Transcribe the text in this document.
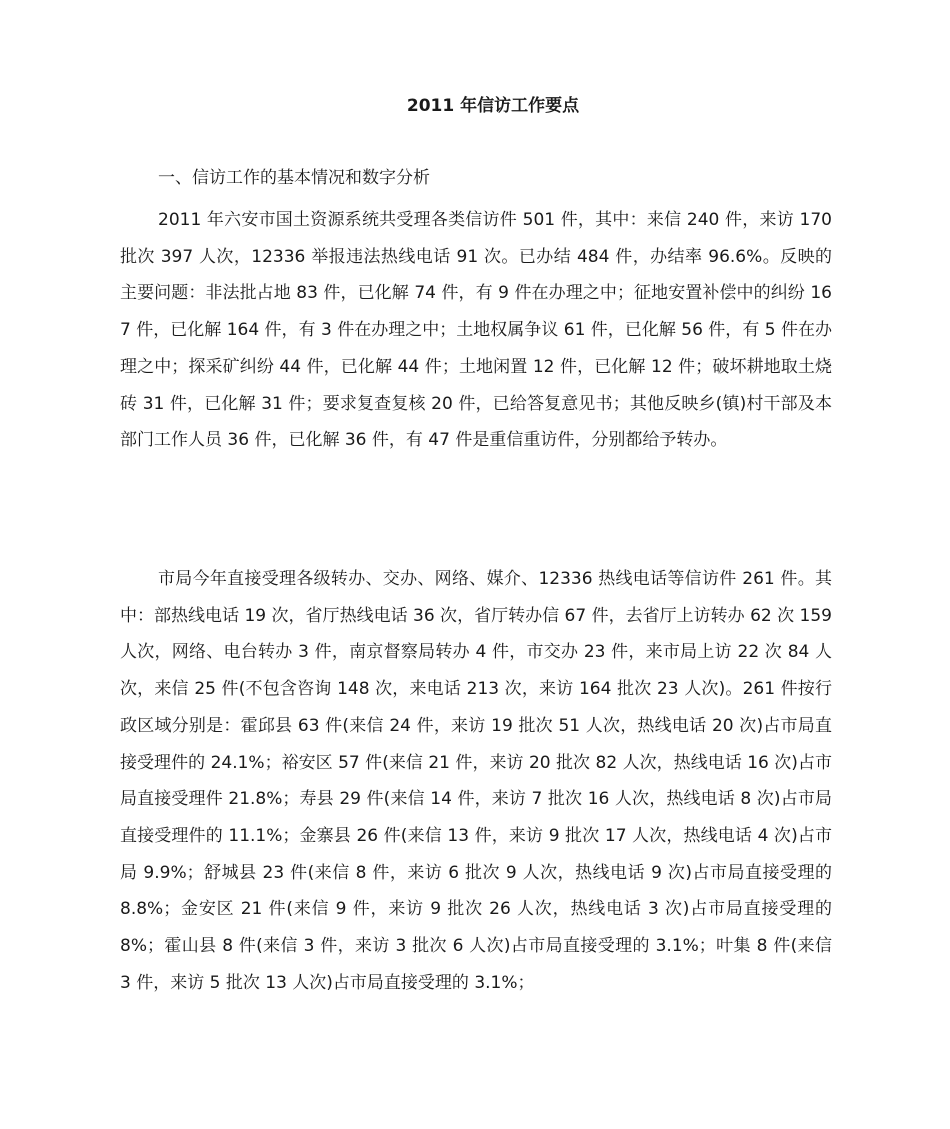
2011 年信访工作要点
一、信访工作的基本情况和数字分析

2011 年六安市国土资源系统共受理各类信访件 501 件，其中：来信 240 件，来访 170 批次 397 人次，12336 举报违法热线电话 91 次。已办结 484 件，办结率 96.6%。反映的主要问题：非法批占地 83 件，已化解 74 件，有 9 件在办理之中；征地安置补偿中的纠纷 167 件，已化解 164 件，有 3 件在办理之中；土地权属争议 61 件，已化解 56 件，有 5 件在办理之中；探采矿纠纷 44 件，已化解 44 件；土地闲置 12 件，已化解 12 件；破坏耕地取土烧砖 31 件，已化解 31 件；要求复查复核 20 件，已给答复意见书；其他反映乡(镇)村干部及本部门工作人员 36 件，已化解 36 件，有 47 件是重信重访件，分别都给予转办。

市局今年直接受理各级转办、交办、网络、媒介、12336 热线电话等信访件 261 件。其中：部热线电话 19 次，省厅热线电话 36 次，省厅转办信 67 件，去省厅上访转办 62 次 159 人次，网络、电台转办 3 件，南京督察局转办 4 件，市交办 23 件，来市局上访 22 次 84 人次，来信 25 件(不包含咨询 148 次，来电话 213 次，来访 164 批次 23 人次)。261 件按行政区域分别是：霍邱县 63 件(来信 24 件，来访 19 批次 51 人次，热线电话 20 次)占市局直接受理件的 24.1%；裕安区 57 件(来信 21 件，来访 20 批次 82 人次，热线电话 16 次)占市局直接受理件 21.8%；寿县 29 件(来信 14 件，来访 7 批次 16 人次，热线电话 8 次)占市局直接受理件的 11.1%；金寨县 26 件(来信 13 件，来访 9 批次 17 人次，热线电话 4 次)占市局 9.9%；舒城县 23 件(来信 8 件，来访 6 批次 9 人次，热线电话 9 次)占市局直接受理的 8.8%；金安区 21 件(来信 9 件，来访 9 批次 26 人次，热线电话 3 次)占市局直接受理的 8%；霍山县 8 件(来信 3 件，来访 3 批次 6 人次)占市局直接受理的 3.1%；叶集 8 件(来信 3 件，来访 5 批次 13 人次)占市局直接受理的 3.1%；
